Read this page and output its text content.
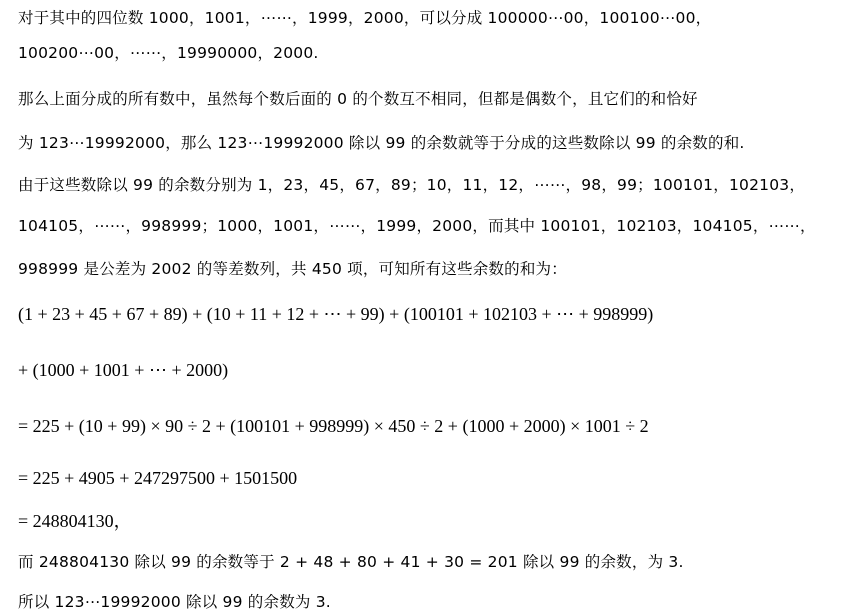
对于其中的四位数 1000，1001，⋯⋯，1999，2000，可以分成 100000⋯00，100100⋯00，
100200⋯00，⋯⋯，19990000，2000.
那么上面分成的所有数中，虽然每个数后面的 0 的个数互不相同，但都是偶数个，且它们的和恰好
为 123⋯19992000，那么 123⋯19992000 除以 99 的余数就等于分成的这些数除以 99 的余数的和.
由于这些数除以 99 的余数分别为 1，23，45，67，89；10，11，12，⋯⋯，98，99；100101，102103，
104105，⋯⋯，998999；1000，1001，⋯⋯，1999，2000，而其中 100101，102103，104105，⋯⋯，
998999 是公差为 2002 的等差数列，共 450 项，可知所有这些余数的和为：
(1 + 23 + 45 + 67 + 89) + (10 + 11 + 12 + ⋯ + 99) + (100101 + 102103 + ⋯ + 998999)
+ (1000 + 1001 + ⋯ + 2000)
= 225 + (10 + 99) × 90 ÷ 2 + (100101 + 998999) × 450 ÷ 2 + (1000 + 2000) × 1001 ÷ 2
= 225 + 4905 + 247297500 + 1501500
= 248804130，
而 248804130 除以 99 的余数等于 2 + 48 + 80 + 41 + 30 = 201 除以 99 的余数，为 3.
所以 123⋯19992000 除以 99 的余数为 3.
